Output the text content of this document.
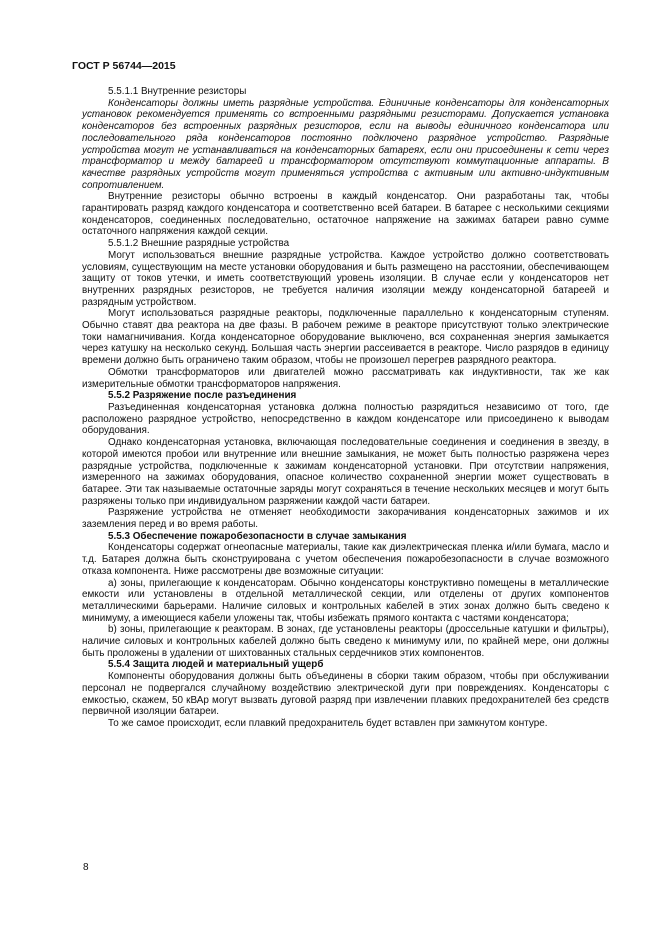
ГОСТ Р 56744—2015

5.5.1.1 Внутренние резисторы

Конденсаторы должны иметь разрядные устройства. Единичные конденсаторы для конденсаторных установок рекомендуется применять со встроенными разрядными резисторами. Допускается установка конденсаторов без встроенных разрядных резисторов, если на выводы единичного конденсатора или последовательного ряда конденсаторов постоянно подключено разрядное устройство. Разрядные устройства могут не устанавливаться на конденсаторных батареях, если они присоединены к сети через трансформатор и между батареей и трансформатором отсутствуют коммутационные аппараты. В качестве разрядных устройств могут применяться устройства с активным или активно-индуктивным сопротивлением.

Внутренние резисторы обычно встроены в каждый конденсатор. Они разработаны так, чтобы гарантировать разряд каждого конденсатора и соответственно всей батареи. В батарее с несколькими секциями конденсаторов, соединенных последовательно, остаточное напряжение на зажимах батареи равно сумме остаточного напряжения каждой секции.

5.5.1.2 Внешние разрядные устройства

Могут использоваться внешние разрядные устройства. Каждое устройство должно соответствовать условиям, существующим на месте установки оборудования и быть размещено на расстоянии, обеспечивающем защиту от токов утечки, и иметь соответствующий уровень изоляции. В случае если у конденсаторов нет внутренних разрядных резисторов, не требуется наличия изоляции между конденсаторной батареей и разрядным устройством.

Могут использоваться разрядные реакторы, подключенные параллельно к конденсаторным ступеням. Обычно ставят два реактора на две фазы. В рабочем режиме в реакторе присутствуют только электрические токи намагничивания. Когда конденсаторное оборудование выключено, вся сохраненная энергия замыкается через катушку на несколько секунд. Большая часть энергии рассеивается в реакторе. Число разрядов в единицу времени должно быть ограничено таким образом, чтобы не произошел перегрев разрядного реактора.

Обмотки трансформаторов или двигателей можно рассматривать как индуктивности, так же как измерительные обмотки трансформаторов напряжения.

5.5.2 Разряжение после разъединения

Разъединенная конденсаторная установка должна полностью разрядиться независимо от того, где расположено разрядное устройство, непосредственно в каждом конденсаторе или присоединено к выводам оборудования.

Однако конденсаторная установка, включающая последовательные соединения и соединения в звезду, в которой имеются пробои или внутренние или внешние замыкания, не может быть полностью разряжена через разрядные устройства, подключенные к зажимам конденсаторной установки. При отсутствии напряжения, измеренного на зажимах оборудования, опасное количество сохраненной энергии может существовать в батарее. Эти так называемые остаточные заряды могут сохраняться в течение нескольких месяцев и могут быть разряжены только при индивидуальном разряжении каждой части батареи.

Разряжение устройства не отменяет необходимости закорачивания конденсаторных зажимов и их заземления перед и во время работы.

5.5.3 Обеспечение пожаробезопасности в случае замыкания

Конденсаторы содержат огнеопасные материалы, такие как диэлектрическая пленка и/или бумага, масло и т.д. Батарея должна быть сконструирована с учетом обеспечения пожаробезопасности в случае возможного отказа компонента. Ниже рассмотрены две возможные ситуации:

a) зоны, прилегающие к конденсаторам. Обычно конденсаторы конструктивно помещены в металлические емкости или установлены в отдельной металлической секции, или отделены от других компонентов металлическими барьерами. Наличие силовых и контрольных кабелей в этих зонах должно быть сведено к минимуму, а имеющиеся кабели уложены так, чтобы избежать прямого контакта с частями конденсатора;

b) зоны, прилегающие к реакторам. В зонах, где установлены реакторы (дроссельные катушки и фильтры), наличие силовых и контрольных кабелей должно быть сведено к минимуму или, по крайней мере, они должны быть проложены в удалении от шихтованных стальных сердечников этих компонентов.

5.5.4 Защита людей и материальный ущерб

Компоненты оборудования должны быть объединены в сборки таким образом, чтобы при обслуживании персонал не подвергался случайному воздействию электрической дуги при повреждениях. Конденсаторы с емкостью, скажем, 50 кВАр могут вызвать дуговой разряд при извлечении плавких предохранителей без средств первичной изоляции батареи.

То же самое происходит, если плавкий предохранитель будет вставлен при замкнутом контуре.

8
